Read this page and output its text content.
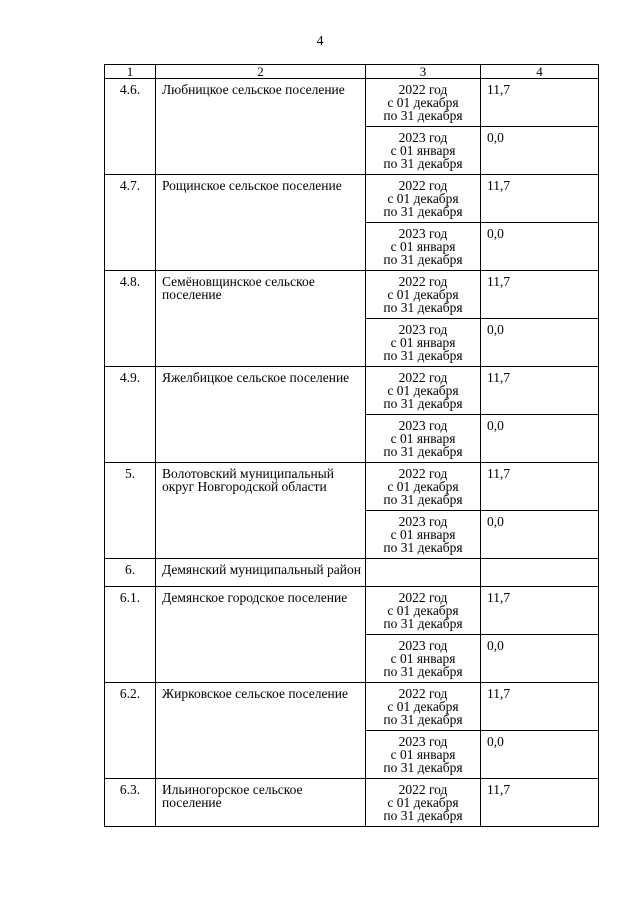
4
1	2	3	4
4.6.	Любницкое сельское поселение	2022 год
с 01 декабря
по 31 декабря	11,7

		2023 год
с 01 января
по 31 декабря	0,0
4.7.	Рощинское сельское поселение	2022 год
с 01 декабря
по 31 декабря	11,7

		2023 год
с 01 января
по 31 декабря	0,0
4.8.	Семёновщинское сельское поселение	2022 год
с 01 декабря
по 31 декабря	11,7

		2023 год
с 01 января
по 31 декабря	0,0
4.9.	Яжелбицкое сельское поселение	2022 год
с 01 декабря
по 31 декабря	11,7

		2023 год
с 01 января
по 31 декабря	0,0
5.	Волотовский муниципальный округ Новгородской области	2022 год
с 01 декабря
по 31 декабря	11,7

		2023 год
с 01 января
по 31 декабря	0,0
6.	Демянский муниципальный район		
6.1.	Демянское городское поселение	2022 год
с 01 декабря
по 31 декабря	11,7

		2023 год
с 01 января
по 31 декабря	0,0
6.2.	Жирковское сельское поселение	2022 год
с 01 декабря
по 31 декабря	11,7

		2023 год
с 01 января
по 31 декабря	0,0
6.3.	Ильиногорское сельское поселение	2022 год
с 01 декабря
по 31 декабря	11,7
